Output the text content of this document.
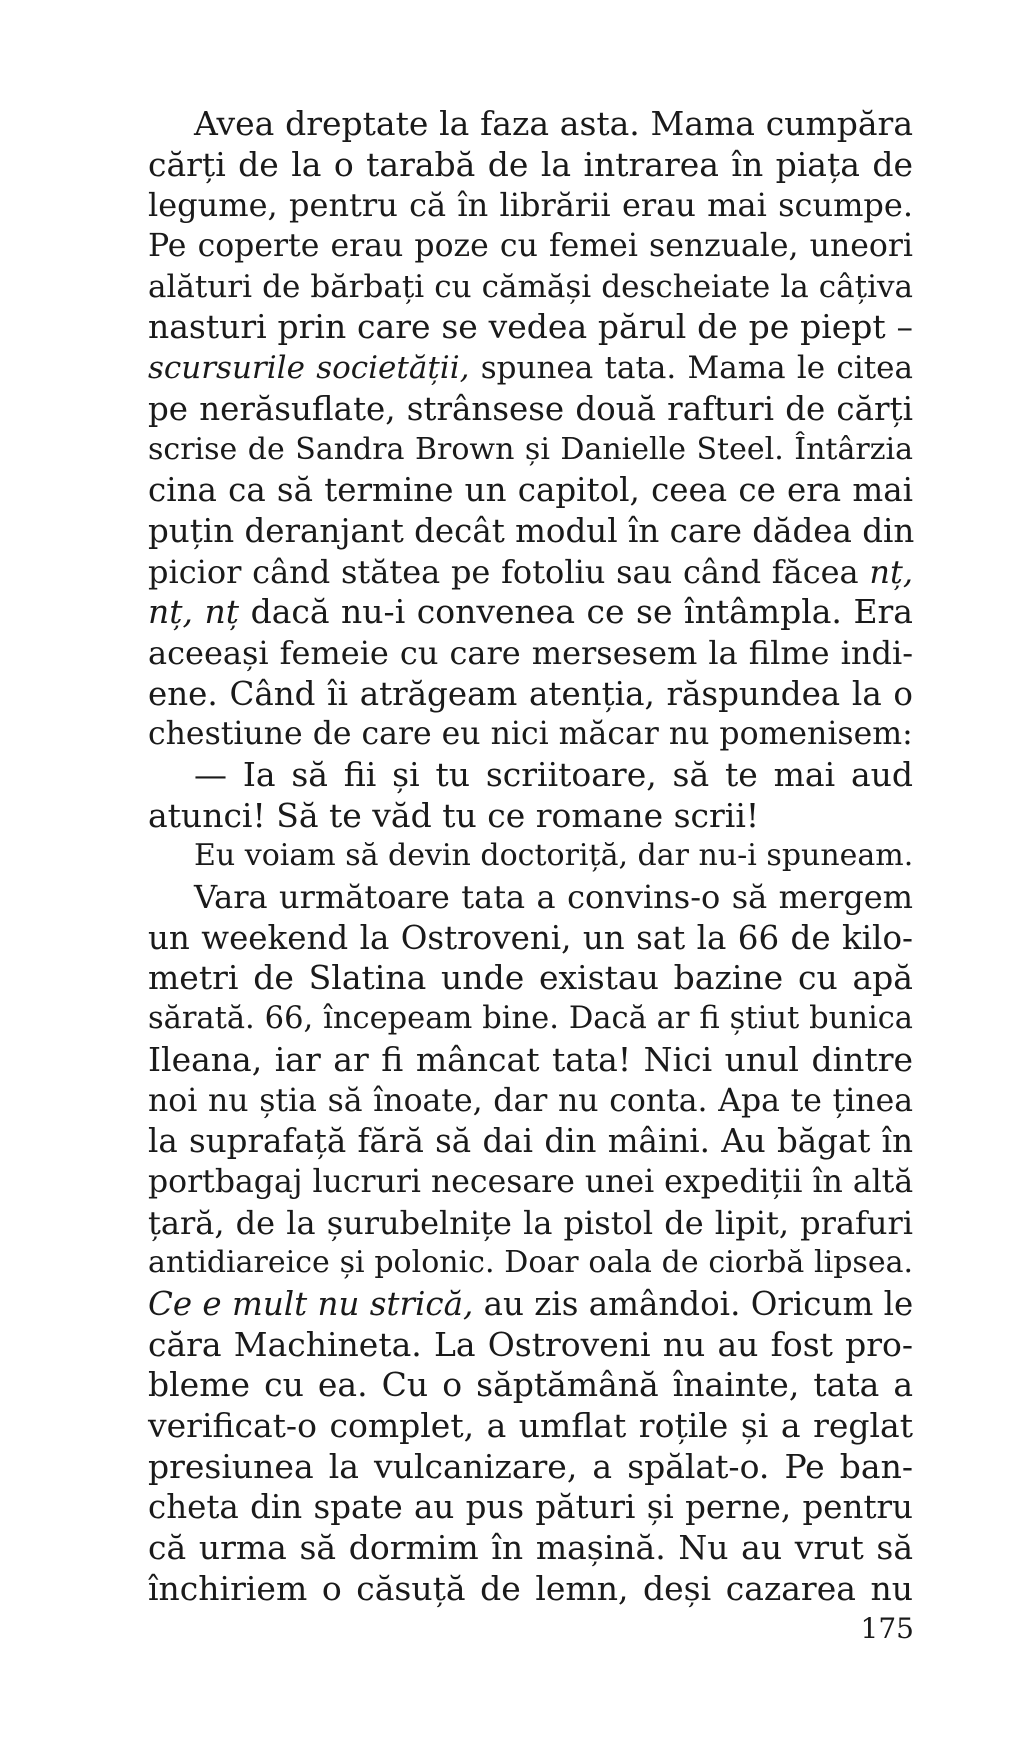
Avea dreptate la faza asta. Mama cumpăra
cărți de la o tarabă de la intrarea în piața de
legume, pentru că în librării erau mai scumpe.
Pe coperte erau poze cu femei senzuale, uneori
alături de bărbați cu cămăși descheiate la câțiva
nasturi prin care se vedea părul de pe piept –
scursurile societății, spunea tata. Mama le citea
pe nerăsuflate, strânsese două rafturi de cărți
scrise de Sandra Brown și Danielle Steel. Întârzia
cina ca să termine un capitol, ceea ce era mai
puțin deranjant decât modul în care dădea din
picior când stătea pe fotoliu sau când făcea nț,
nț, nț dacă nu-i convenea ce se întâmpla. Era
aceeași femeie cu care mersesem la filme indi-
ene. Când îi atrăgeam atenția, răspundea la o
chestiune de care eu nici măcar nu pomenisem:
— Ia să fii și tu scriitoare, să te mai aud
atunci! Să te văd tu ce romane scrii!
Eu voiam să devin doctoriță, dar nu-i spuneam.
Vara următoare tata a convins-o să mergem
un weekend la Ostroveni, un sat la 66 de kilo-
metri de Slatina unde existau bazine cu apă
sărată. 66, începeam bine. Dacă ar fi știut bunica
Ileana, iar ar fi mâncat tata! Nici unul dintre
noi nu știa să înoate, dar nu conta. Apa te ținea
la suprafață fără să dai din mâini. Au băgat în
portbagaj lucruri necesare unei expediții în altă
țară, de la șurubelnițe la pistol de lipit, prafuri
antidiareice și polonic. Doar oala de ciorbă lipsea.
Ce e mult nu strică, au zis amândoi. Oricum le
căra Machineta. La Ostroveni nu au fost pro-
bleme cu ea. Cu o săptămână înainte, tata a
verificat-o complet, a umflat roțile și a reglat
presiunea la vulcanizare, a spălat-o. Pe ban-
cheta din spate au pus pături și perne, pentru
că urma să dormim în mașină. Nu au vrut să
închiriem o căsuță de lemn, deși cazarea nu
175
